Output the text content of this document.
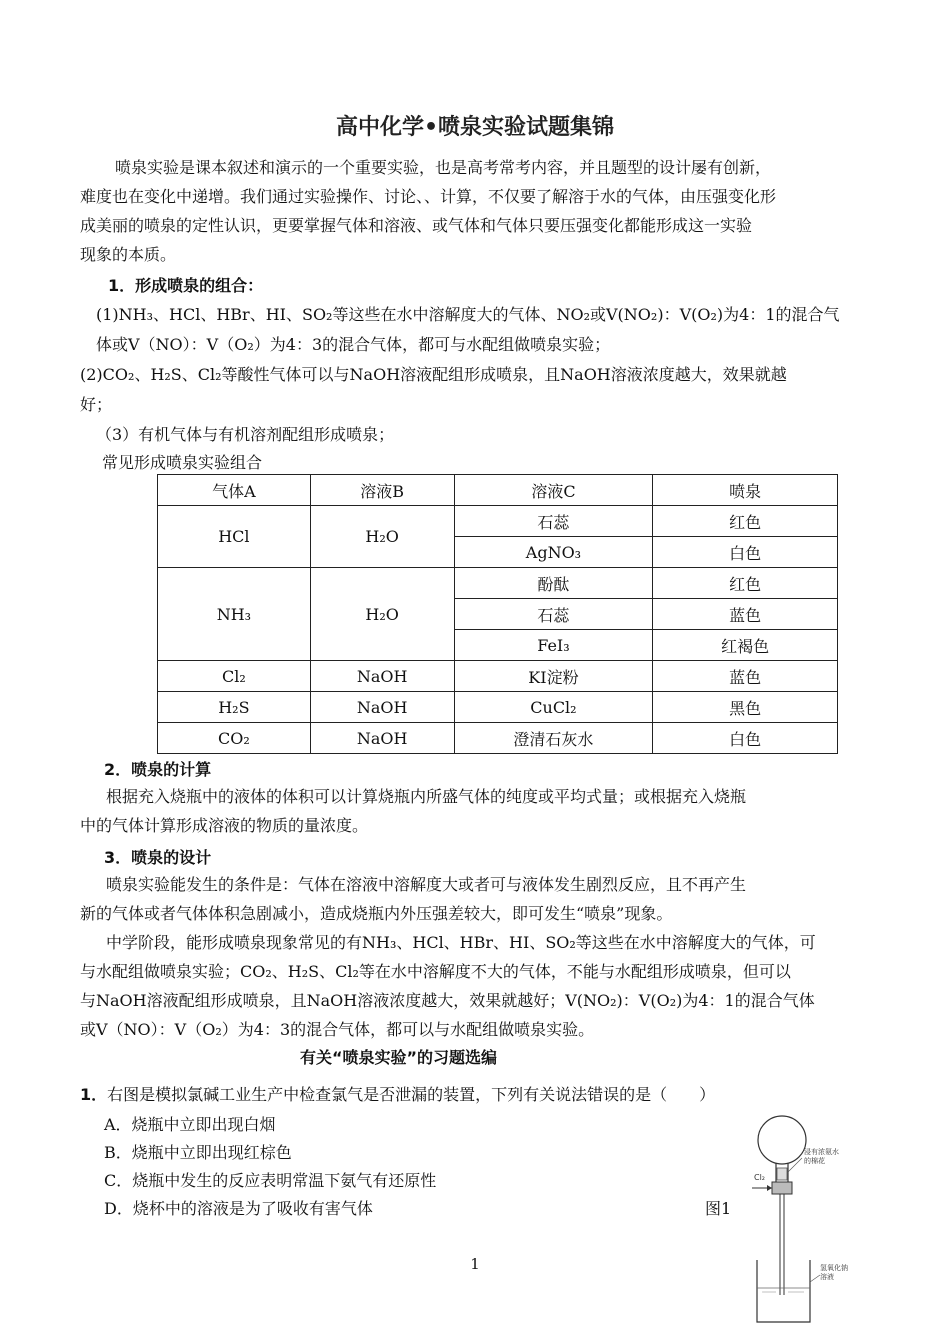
高中化学•喷泉实验试题集锦
喷泉实验是课本叙述和演示的一个重要实验，也是高考常考内容，并且题型的设计屡有创新，
难度也在变化中递增。我们通过实验操作、讨论、、计算，不仅要了解溶于水的气体，由压强变化形
成美丽的喷泉的定性认识，更要掌握气体和溶液、或气体和气体只要压强变化都能形成这一实验
现象的本质。
1．形成喷泉的组合：
(1)NH₃、HCl、HBr、HI、SO₂等这些在水中溶解度大的气体、NO₂或V(NO₂)：V(O₂)为4：1的混合气
体或V（NO）：V（O₂）为4：3的混合气体，都可与水配组做喷泉实验；
(2)CO₂、H₂S、Cl₂等酸性气体可以与NaOH溶液配组形成喷泉，且NaOH溶液浓度越大，效果就越
好；
（3）有机气体与有机溶剂配组形成喷泉；
常见形成喷泉实验组合
气体A	溶液B	溶液C	喷泉
HCl	H₂O	石蕊	红色
		AgNO₃	白色
NH₃	H₂O	酚酞	红色
		石蕊	蓝色
		FeI₃	红褐色
Cl₂	NaOH	KI淀粉	蓝色
H₂S	NaOH	CuCl₂	黑色
CO₂	NaOH	澄清石灰水	白色
2．喷泉的计算
根据充入烧瓶中的液体的体积可以计算烧瓶内所盛气体的纯度或平均式量；或根据充入烧瓶
中的气体计算形成溶液的物质的量浓度。
3．喷泉的设计
喷泉实验能发生的条件是：气体在溶液中溶解度大或者可与液体发生剧烈反应，且不再产生
新的气体或者气体体积急剧减小，造成烧瓶内外压强差较大，即可发生“喷泉”现象。
中学阶段，能形成喷泉现象常见的有NH₃、HCl、HBr、HI、SO₂等这些在水中溶解度大的气体，可
与水配组做喷泉实验；CO₂、H₂S、Cl₂等在水中溶解度不大的气体，不能与水配组形成喷泉，但可以
与NaOH溶液配组形成喷泉，且NaOH溶液浓度越大，效果就越好；V(NO₂)：V(O₂)为4：1的混合气体
或V（NO）：V（O₂）为4：3的混合气体，都可以与水配组做喷泉实验。
有关“喷泉实验”的习题选编
1．右图是模拟氯碱工业生产中检查氯气是否泄漏的装置，下列有关说法错误的是（　　）
A．烧瓶中立即出现白烟
B．烧瓶中立即出现红棕色
C．烧瓶中发生的反应表明常温下氨气有还原性
D．烧杯中的溶液是为了吸收有害气体	图1
Cl₂
浸有浓氨水
的棉花
氢氧化钠
溶液
1
